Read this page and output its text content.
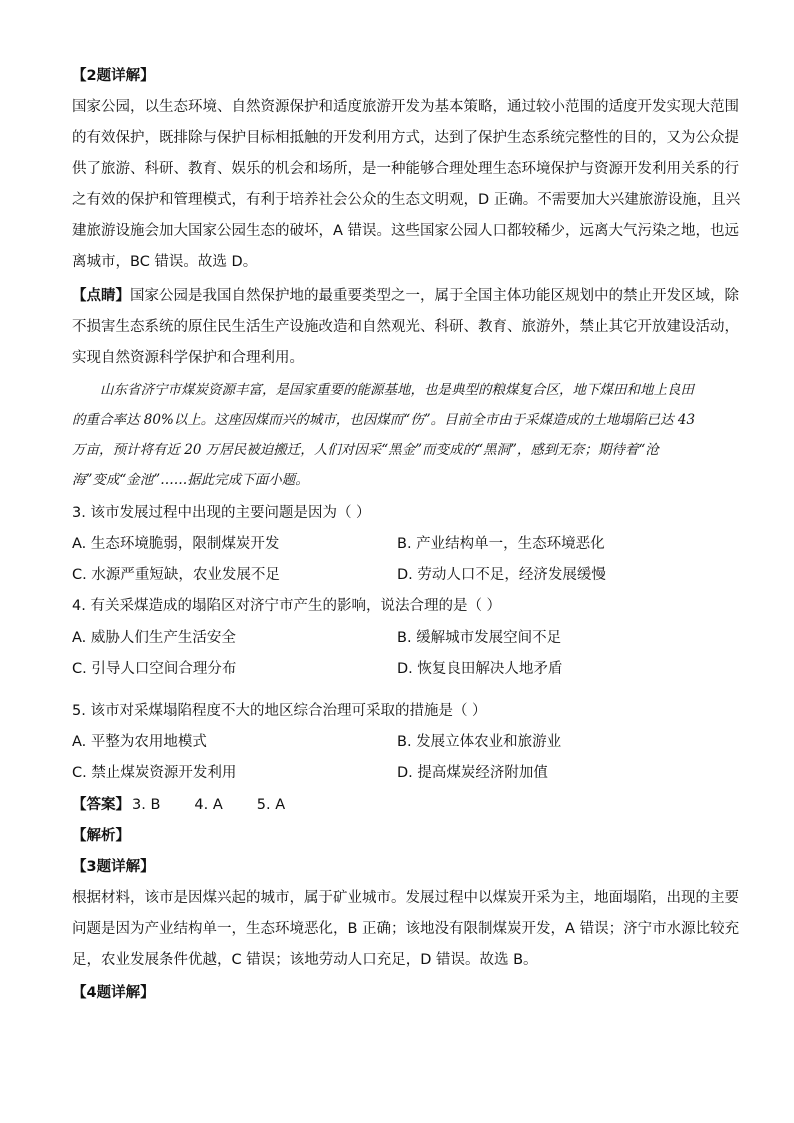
【2题详解】
国家公园，以生态环境、自然资源保护和适度旅游开发为基本策略，通过较小范围的适度开发实现大范围
的有效保护，既排除与保护目标相抵触的开发利用方式，达到了保护生态系统完整性的目的，又为公众提
供了旅游、科研、教育、娱乐的机会和场所，是一种能够合理处理生态环境保护与资源开发利用关系的行
之有效的保护和管理模式，有利于培养社会公众的生态文明观，D 正确。不需要加大兴建旅游设施，且兴
建旅游设施会加大国家公园生态的破坏，A 错误。这些国家公园人口都较稀少，远离大气污染之地，也远
离城市，BC 错误。故选 D。
【点睛】国家公园是我国自然保护地的最重要类型之一，属于全国主体功能区规划中的禁止开发区域，除
不损害生态系统的原住民生活生产设施改造和自然观光、科研、教育、旅游外，禁止其它开放建设活动，
实现自然资源科学保护和合理利用。
山东省济宁市煤炭资源丰富，是国家重要的能源基地，也是典型的粮煤复合区，地下煤田和地上良田
的重合率达 80%以上。这座因煤而兴的城市，也因煤而“伤”。目前全市由于采煤造成的土地塌陷已达 43
万亩，预计将有近 20 万居民被迫搬迁，人们对因采“黑金”而变成的“黑洞”，感到无奈；期待着“沧
海”变成“金池”……据此完成下面小题。
3. 该市发展过程中出现的主要问题是因为（ ）
A. 生态环境脆弱，限制煤炭开发	B. 产业结构单一，生态环境恶化
C. 水源严重短缺，农业发展不足	D. 劳动人口不足，经济发展缓慢
4. 有关采煤造成的塌陷区对济宁市产生的影响，说法合理的是（ ）
A. 威胁人们生产生活安全	B. 缓解城市发展空间不足
C. 引导人口空间合理分布	D. 恢复良田解决人地矛盾
5. 该市对采煤塌陷程度不大的地区综合治理可采取的措施是（ ）
A. 平整为农用地模式	B. 发展立体农业和旅游业
C. 禁止煤炭资源开发利用	D. 提高煤炭经济附加值
【答案】 3. B 4. A 5. A
【解析】
【3题详解】
根据材料，该市是因煤兴起的城市，属于矿业城市。发展过程中以煤炭开采为主，地面塌陷，出现的主要
问题是因为产业结构单一，生态环境恶化，B 正确；该地没有限制煤炭开发，A 错误；济宁市水源比较充
足，农业发展条件优越，C 错误；该地劳动人口充足，D 错误。故选 B。
【4题详解】
